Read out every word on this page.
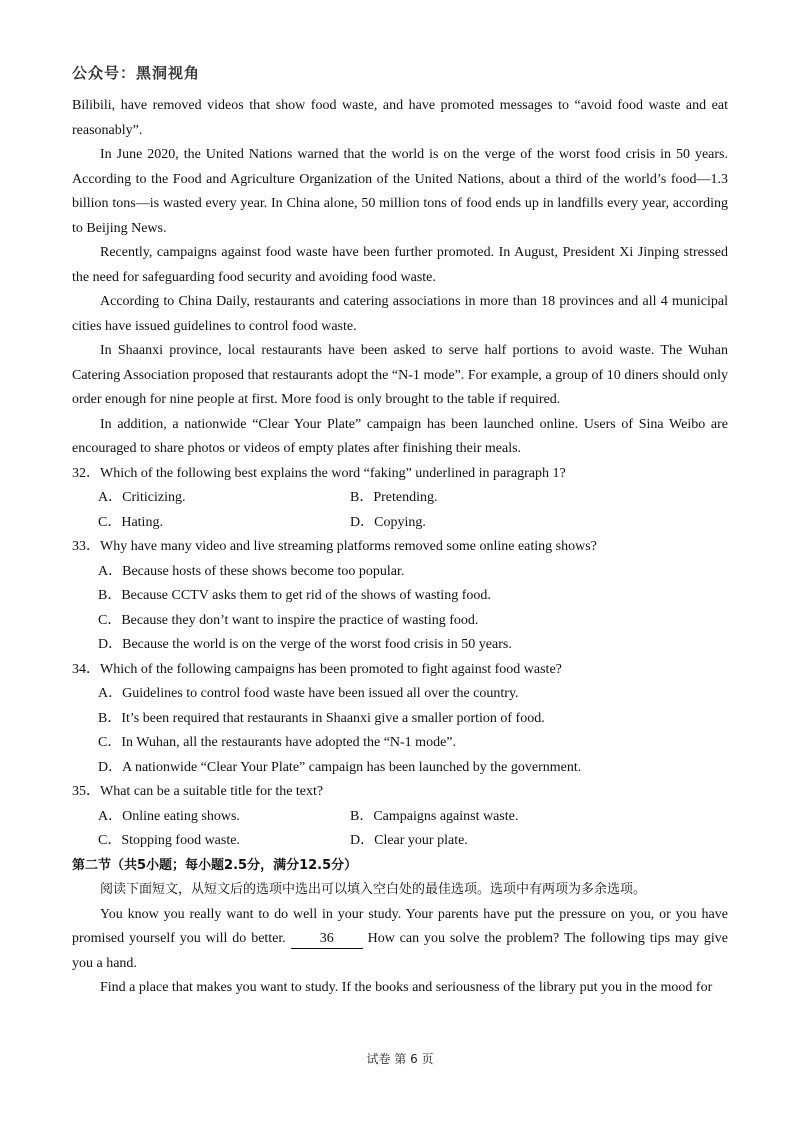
公众号：黑洞视角

Bilibili, have removed videos that show food waste, and have promoted messages to “avoid food waste and eat reasonably”.

In June 2020, the United Nations warned that the world is on the verge of the worst food crisis in 50 years. According to the Food and Agriculture Organization of the United Nations, about a third of the world’s food—1.3 billion tons—is wasted every year. In China alone, 50 million tons of food ends up in landfills every year, according to Beijing News.

Recently, campaigns against food waste have been further promoted. In August, President Xi Jinping stressed the need for safeguarding food security and avoiding food waste.

According to China Daily, restaurants and catering associations in more than 18 provinces and all 4 municipal cities have issued guidelines to control food waste.

In Shaanxi province, local restaurants have been asked to serve half portions to avoid waste. The Wuhan Catering Association proposed that restaurants adopt the “N-1 mode”. For example, a group of 10 diners should only order enough for nine people at first. More food is only brought to the table if required.

In addition, a nationwide “Clear Your Plate” campaign has been launched online. Users of Sina Weibo are encouraged to share photos or videos of empty plates after finishing their meals.

32．Which of the following best explains the word “faking” underlined in paragraph 1?

A．Criticizing.	B．Pretending.

C．Hating.	D．Copying.

33．Why have many video and live streaming platforms removed some online eating shows?

A．Because hosts of these shows become too popular.

B．Because CCTV asks them to get rid of the shows of wasting food.

C．Because they don’t want to inspire the practice of wasting food.

D．Because the world is on the verge of the worst food crisis in 50 years.

34．Which of the following campaigns has been promoted to fight against food waste?

A．Guidelines to control food waste have been issued all over the country.

B．It’s been required that restaurants in Shaanxi give a smaller portion of food.

C．In Wuhan, all the restaurants have adopted the “N-1 mode”.

D．A nationwide “Clear Your Plate” campaign has been launched by the government.

35．What can be a suitable title for the text?

A．Online eating shows.	B．Campaigns against waste.

C．Stopping food waste.	D．Clear your plate.

第二节（共5小题；每小题2.5分，满分12.5分）

阅读下面短文，从短文后的选项中选出可以填入空白处的最佳选项。选项中有两项为多余选项。

You know you really want to do well in your study. Your parents have put the pressure on you, or you have promised yourself you will do better. 36 How can you solve the problem? The following tips may give you a hand.

Find a place that makes you want to study. If the books and seriousness of the library put you in the mood for

试卷 第 6 页
